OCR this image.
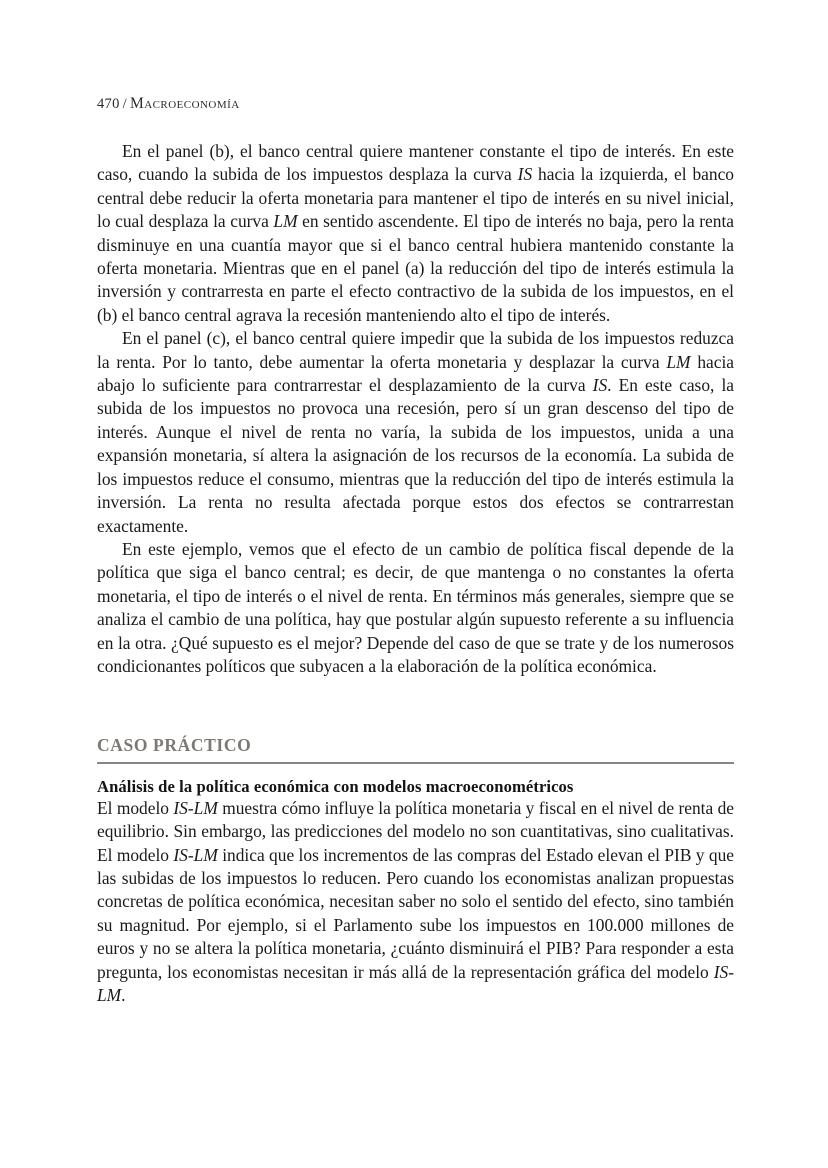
470 / Macroeconomía

En el panel (b), el banco central quiere mantener constante el tipo de interés. En este caso, cuando la subida de los impuestos desplaza la curva IS hacia la izquierda, el banco central debe reducir la oferta monetaria para mantener el tipo de interés en su nivel inicial, lo cual desplaza la curva LM en sentido ascendente. El tipo de interés no baja, pero la renta disminuye en una cuantía mayor que si el banco central hubiera mantenido constante la oferta monetaria. Mientras que en el panel (a) la reducción del tipo de interés estimula la inversión y contrarresta en parte el efecto contractivo de la subida de los impuestos, en el (b) el banco central agrava la recesión manteniendo alto el tipo de interés.

En el panel (c), el banco central quiere impedir que la subida de los impuestos reduzca la renta. Por lo tanto, debe aumentar la oferta monetaria y desplazar la curva LM hacia abajo lo suficiente para contrarrestar el desplazamiento de la curva IS. En este caso, la subida de los impuestos no provoca una recesión, pero sí un gran descenso del tipo de interés. Aunque el nivel de renta no varía, la subida de los impuestos, unida a una expansión monetaria, sí altera la asignación de los recursos de la economía. La subida de los impuestos reduce el consumo, mientras que la reducción del tipo de interés estimula la inversión. La renta no resulta afectada porque estos dos efectos se contrarrestan exactamente.

En este ejemplo, vemos que el efecto de un cambio de política fiscal depende de la política que siga el banco central; es decir, de que mantenga o no constantes la oferta monetaria, el tipo de interés o el nivel de renta. En términos más generales, siempre que se analiza el cambio de una política, hay que postular algún supuesto referente a su influencia en la otra. ¿Qué supuesto es el mejor? Depende del caso de que se trate y de los numerosos condicionantes políticos que subyacen a la elaboración de la política económica.

CASO PRÁCTICO
Análisis de la política económica con modelos macroeconométricos

El modelo IS-LM muestra cómo influye la política monetaria y fiscal en el nivel de renta de equilibrio. Sin embargo, las predicciones del modelo no son cuantitativas, sino cualitativas. El modelo IS-LM indica que los incrementos de las compras del Estado elevan el PIB y que las subidas de los impuestos lo reducen. Pero cuando los economistas analizan propuestas concretas de política económica, necesitan saber no solo el sentido del efecto, sino también su magnitud. Por ejemplo, si el Parlamento sube los impuestos en 100.000 millones de euros y no se altera la política monetaria, ¿cuánto disminuirá el PIB? Para responder a esta pregunta, los economistas necesitan ir más allá de la representación gráfica del modelo IS-LM.
